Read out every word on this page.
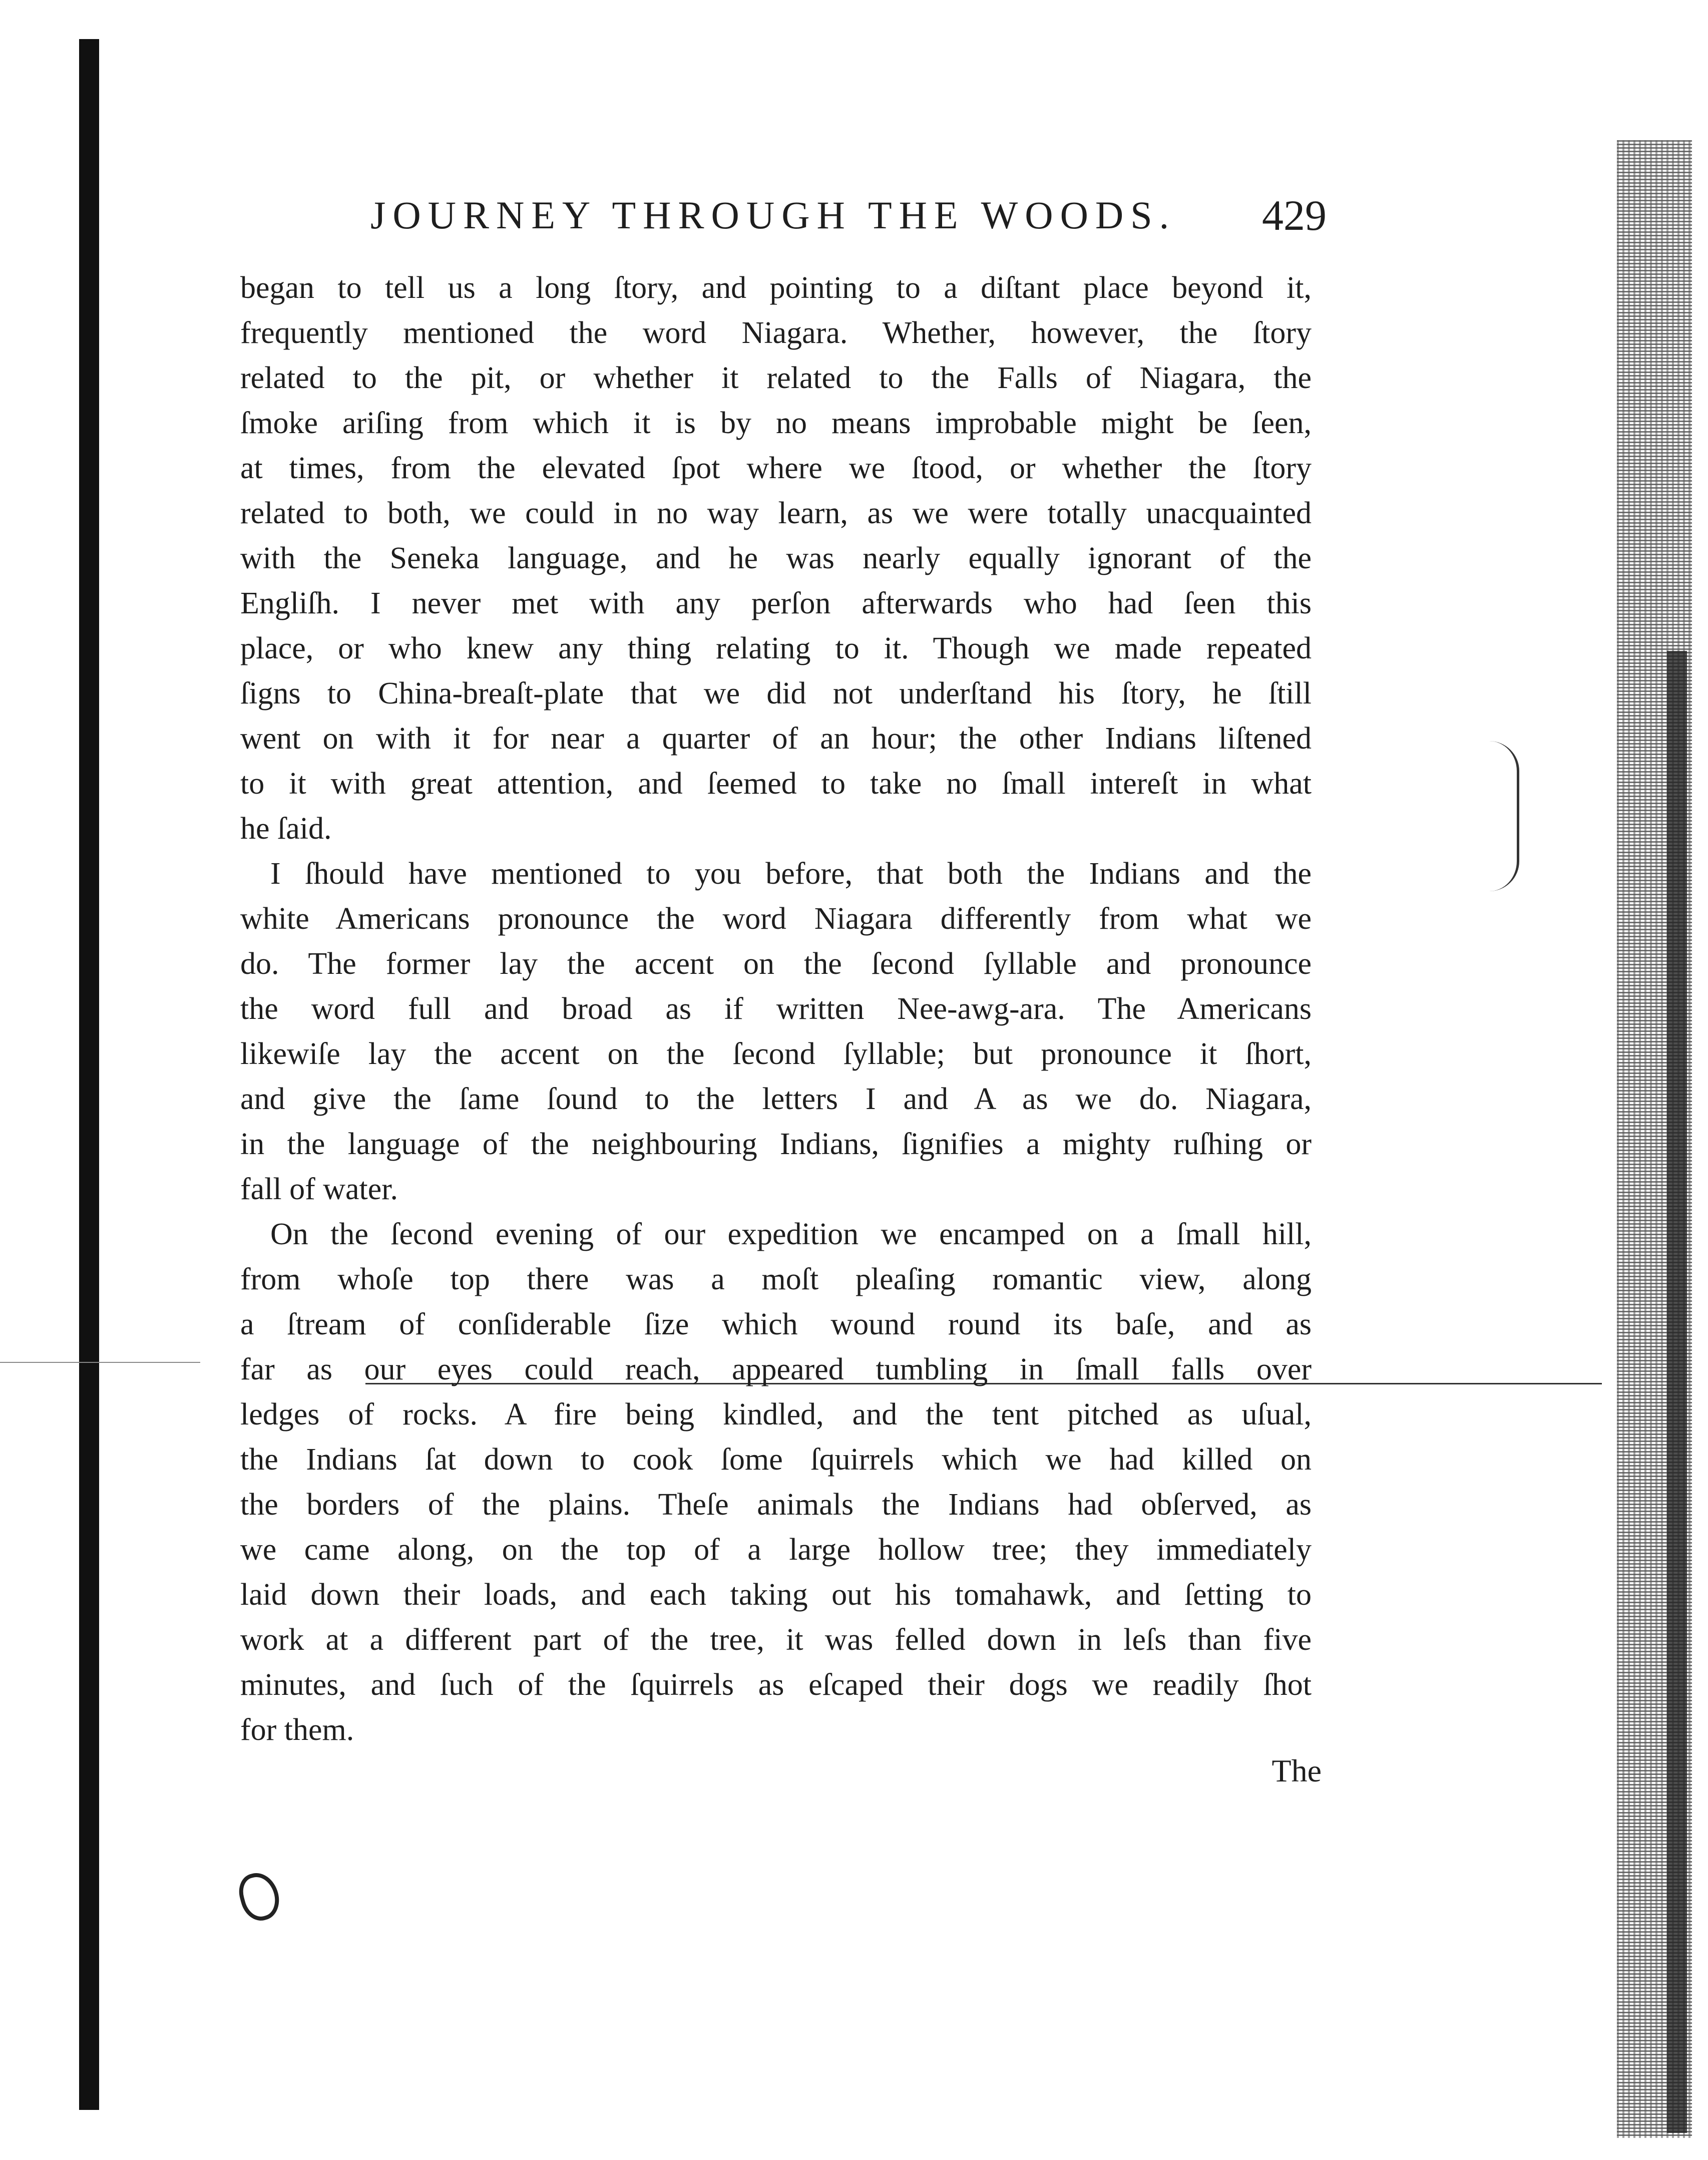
JOURNEY THROUGH THE WOODS.	429
began to tell us a long ſtory, and pointing to a diſtant place beyond it,
frequently mentioned the word Niagara. Whether, however, the ſtory
related to the pit, or whether it related to the Falls of Niagara, the
ſmoke ariſing from which it is by no means improbable might be ſeen,
at times, from the elevated ſpot where we ſtood, or whether the ſtory
related to both, we could in no way learn, as we were totally unacquainted
with the Seneka language, and he was nearly equally ignorant of the
Engliſh. I never met with any perſon afterwards who had ſeen this
place, or who knew any thing relating to it. Though we made repeated
ſigns to China-breaſt-plate that we did not underſtand his ſtory, he ſtill
went on with it for near a quarter of an hour; the other Indians liſtened
to it with great attention, and ſeemed to take no ſmall intereſt in what
he ſaid.
I ſhould have mentioned to you before, that both the Indians and the
white Americans pronounce the word Niagara differently from what we
do. The former lay the accent on the ſecond ſyllable and pronounce
the word full and broad as if written Nee-awg-ara. The Americans
likewiſe lay the accent on the ſecond ſyllable; but pronounce it ſhort,
and give the ſame ſound to the letters I and A as we do. Niagara,
in the language of the neighbouring Indians, ſignifies a mighty ruſhing or
fall of water.
On the ſecond evening of our expedition we encamped on a ſmall hill,
from whoſe top there was a moſt pleaſing romantic view, along
a ſtream of conſiderable ſize which wound round its baſe, and as
far as our eyes could reach, appeared tumbling in ſmall falls over
ledges of rocks. A fire being kindled, and the tent pitched as uſual,
the Indians ſat down to cook ſome ſquirrels which we had killed on
the borders of the plains. Theſe animals the Indians had obſerved, as
we came along, on the top of a large hollow tree; they immediately
laid down their loads, and each taking out his tomahawk, and ſetting to
work at a different part of the tree, it was felled down in leſs than five
minutes, and ſuch of the ſquirrels as eſcaped their dogs we readily ſhot
for them.
The
